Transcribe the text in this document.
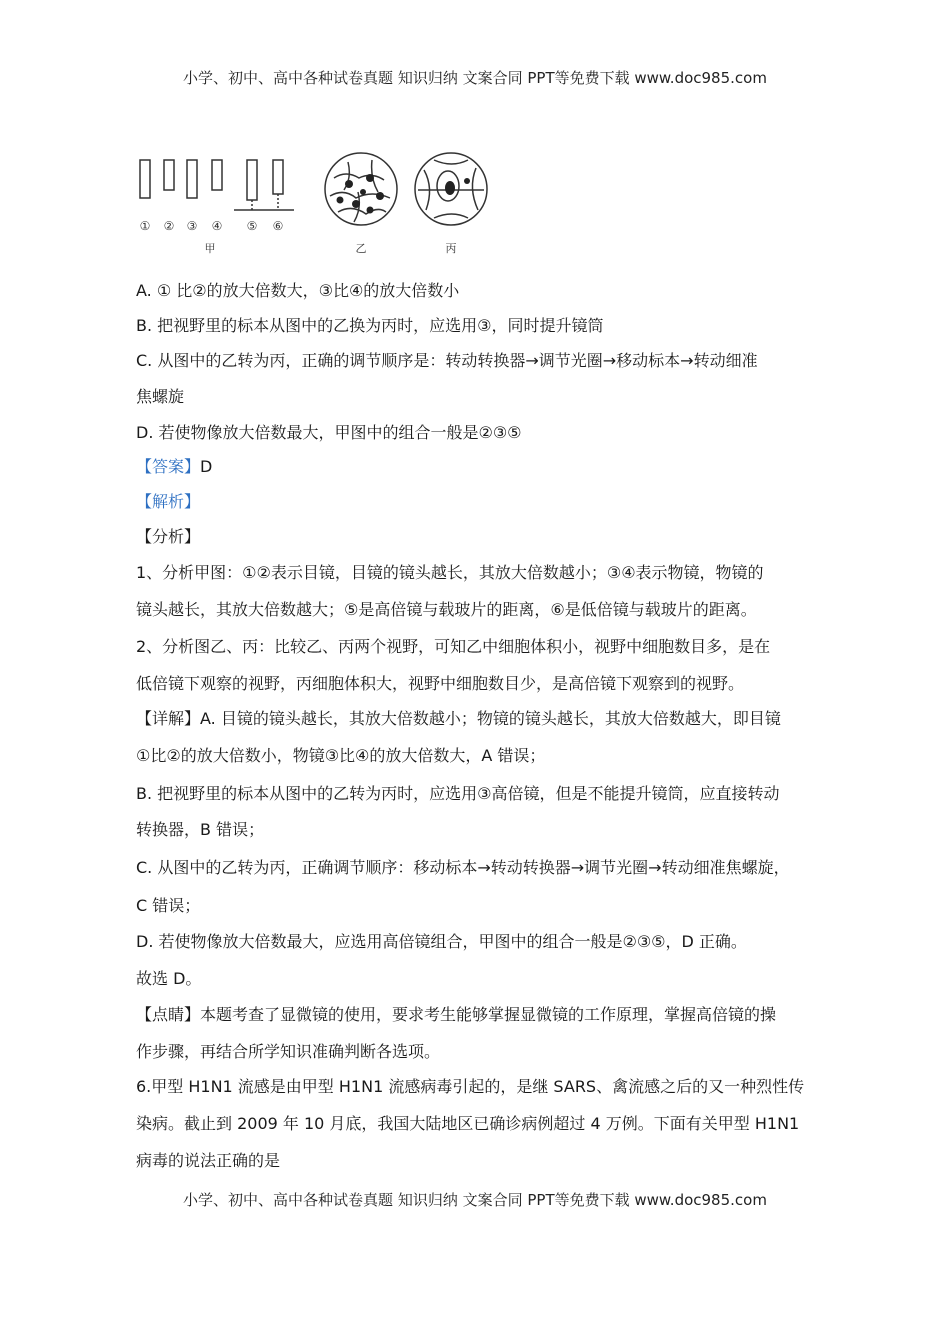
小学、初中、高中各种试卷真题 知识归纳 文案合同 PPT等免费下载 www.doc985.com
① ② ③ ④ ⑤ ⑥
甲	乙	丙
A. ① 比②的放大倍数大，③比④的放大倍数小
B. 把视野里的标本从图中的乙换为丙时，应选用③，同时提升镜筒
C. 从图中的乙转为丙，正确的调节顺序是：转动转换器→调节光圈→移动标本→转动细准
焦螺旋
D. 若使物像放大倍数最大，甲图中的组合一般是②③⑤
【答案】D
【解析】
【分析】
1、分析甲图：①②表示目镜，目镜的镜头越长，其放大倍数越小；③④表示物镜，物镜的
镜头越长，其放大倍数越大；⑤是高倍镜与载玻片的距离，⑥是低倍镜与载玻片的距离。
2、分析图乙、丙：比较乙、丙两个视野，可知乙中细胞体积小，视野中细胞数目多，是在
低倍镜下观察的视野，丙细胞体积大，视野中细胞数目少，是高倍镜下观察到的视野。
【详解】A. 目镜的镜头越长，其放大倍数越小；物镜的镜头越长，其放大倍数越大，即目镜
①比②的放大倍数小，物镜③比④的放大倍数大，A 错误；
B. 把视野里的标本从图中的乙转为丙时，应选用③高倍镜，但是不能提升镜筒，应直接转动
转换器，B 错误；
C. 从图中的乙转为丙，正确调节顺序：移动标本→转动转换器→调节光圈→转动细准焦螺旋，
C 错误；
D. 若使物像放大倍数最大，应选用高倍镜组合，甲图中的组合一般是②③⑤，D 正确。
故选 D。
【点睛】本题考查了显微镜的使用，要求考生能够掌握显微镜的工作原理，掌握高倍镜的操
作步骤，再结合所学知识准确判断各选项。
6.甲型 H1N1 流感是由甲型 H1N1 流感病毒引起的，是继 SARS、禽流感之后的又一种烈性传
染病。截止到 2009 年 10 月底，我国大陆地区已确诊病例超过 4 万例。下面有关甲型 H1N1
病毒的说法正确的是
小学、初中、高中各种试卷真题 知识归纳 文案合同 PPT等免费下载 www.doc985.com
